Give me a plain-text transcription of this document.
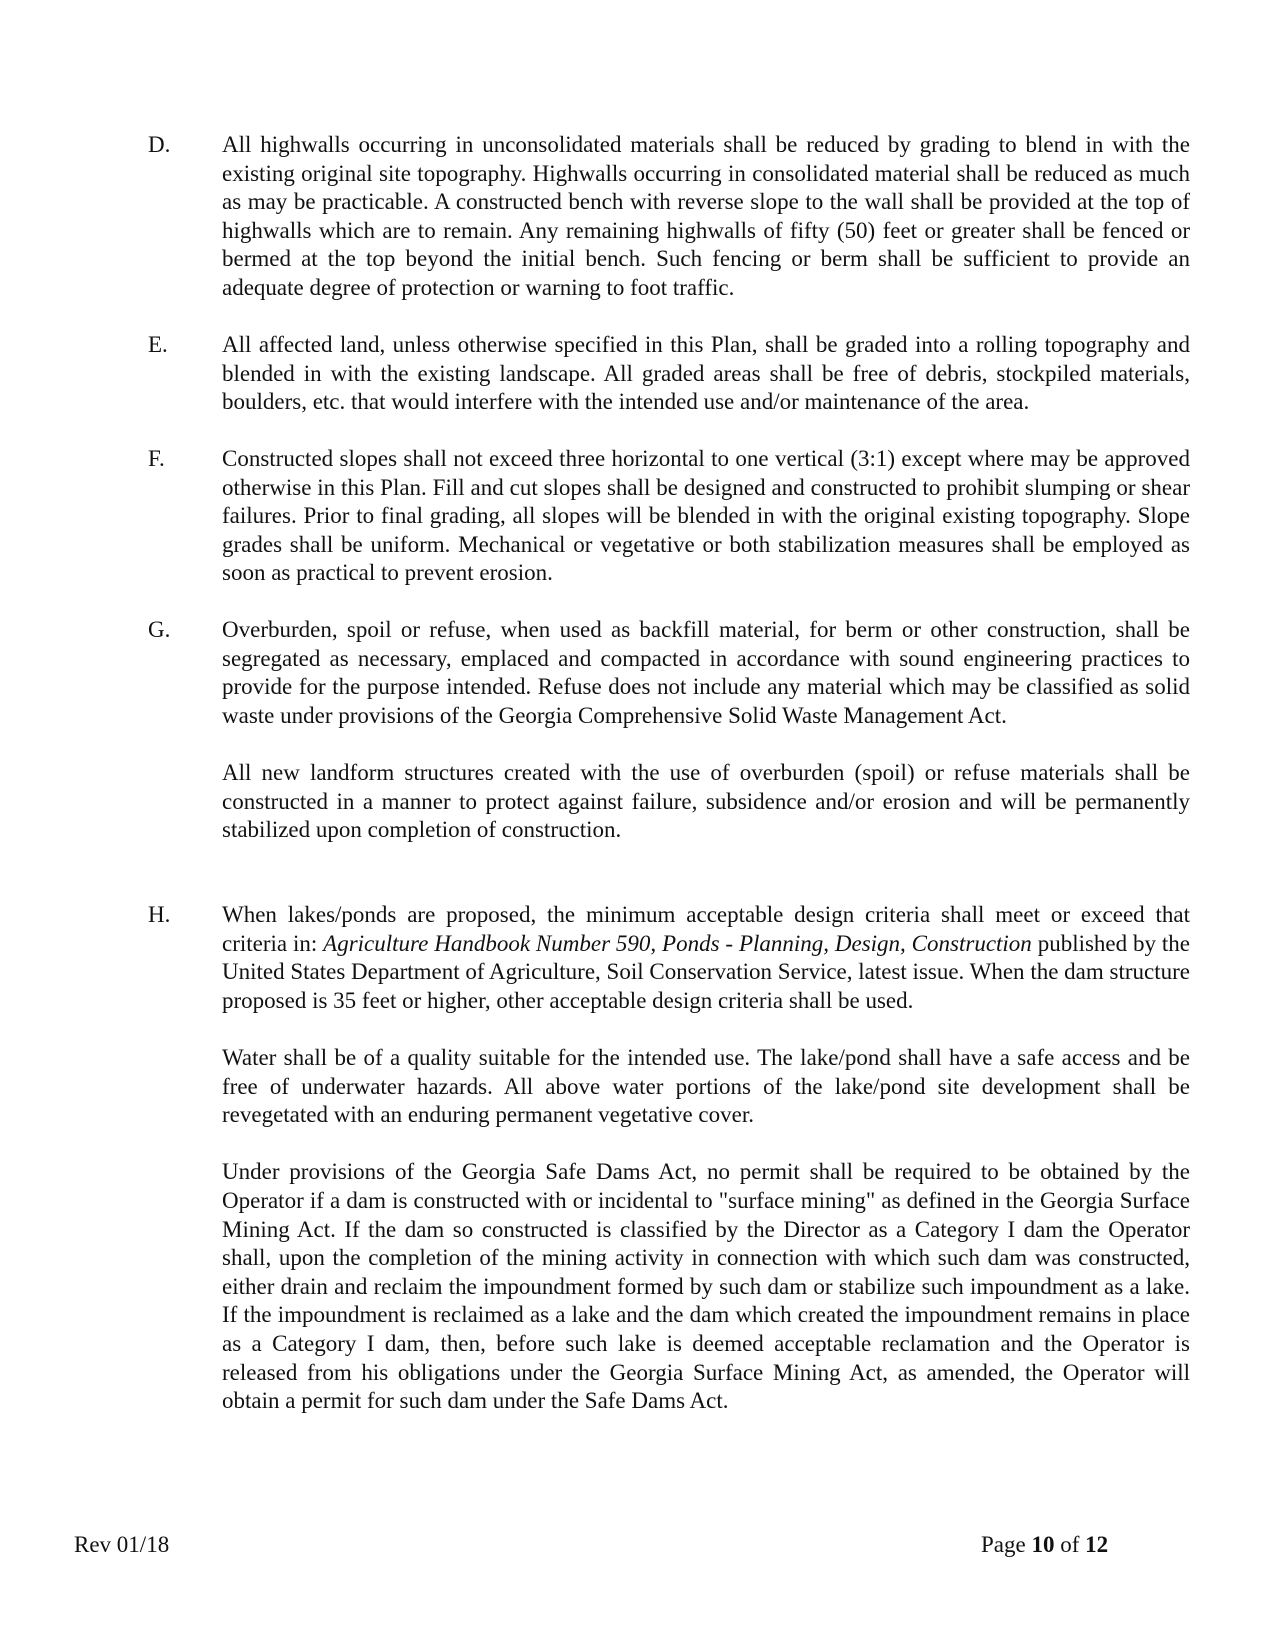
D.	All highwalls occurring in unconsolidated materials shall be reduced by grading to blend in with the existing original site topography. Highwalls occurring in consolidated material shall be reduced as much as may be practicable. A constructed bench with reverse slope to the wall shall be provided at the top of highwalls which are to remain. Any remaining highwalls of fifty (50) feet or greater shall be fenced or bermed at the top beyond the initial bench. Such fencing or berm shall be sufficient to provide an adequate degree of protection or warning to foot traffic.

E.	All affected land, unless otherwise specified in this Plan, shall be graded into a rolling topography and blended in with the existing landscape. All graded areas shall be free of debris, stockpiled materials, boulders, etc. that would interfere with the intended use and/or maintenance of the area.

F.	Constructed slopes shall not exceed three horizontal to one vertical (3:1) except where may be approved otherwise in this Plan. Fill and cut slopes shall be designed and constructed to prohibit slumping or shear failures. Prior to final grading, all slopes will be blended in with the original existing topography. Slope grades shall be uniform. Mechanical or vegetative or both stabilization measures shall be employed as soon as practical to prevent erosion.

G.	Overburden, spoil or refuse, when used as backfill material, for berm or other construction, shall be segregated as necessary, emplaced and compacted in accordance with sound engineering practices to provide for the purpose intended. Refuse does not include any material which may be classified as solid waste under provisions of the Georgia Comprehensive Solid Waste Management Act.

All new landform structures created with the use of overburden (spoil) or refuse materials shall be constructed in a manner to protect against failure, subsidence and/or erosion and will be permanently stabilized upon completion of construction.

H.	When lakes/ponds are proposed, the minimum acceptable design criteria shall meet or exceed that criteria in: Agriculture Handbook Number 590, Ponds - Planning, Design, Construction published by the United States Department of Agriculture, Soil Conservation Service, latest issue. When the dam structure proposed is 35 feet or higher, other acceptable design criteria shall be used.

Water shall be of a quality suitable for the intended use. The lake/pond shall have a safe access and be free of underwater hazards. All above water portions of the lake/pond site development shall be revegetated with an enduring permanent vegetative cover.

Under provisions of the Georgia Safe Dams Act, no permit shall be required to be obtained by the Operator if a dam is constructed with or incidental to "surface mining" as defined in the Georgia Surface Mining Act. If the dam so constructed is classified by the Director as a Category I dam the Operator shall, upon the completion of the mining activity in connection with which such dam was constructed, either drain and reclaim the impoundment formed by such dam or stabilize such impoundment as a lake. If the impoundment is reclaimed as a lake and the dam which created the impoundment remains in place as a Category I dam, then, before such lake is deemed acceptable reclamation and the Operator is released from his obligations under the Georgia Surface Mining Act, as amended, the Operator will obtain a permit for such dam under the Safe Dams Act.

Rev 01/18	Page 10 of 12
